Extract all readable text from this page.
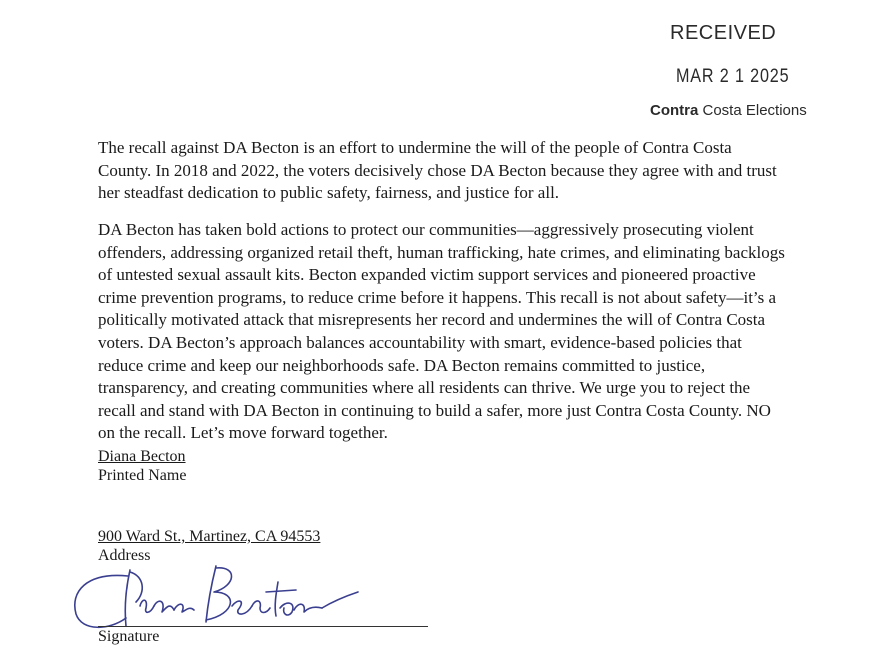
RECEIVED
MAR 2 1 2025
Contra Costa Elections
The recall against DA Becton is an effort to undermine the will of the people of Contra Costa County. In 2018 and 2022, the voters decisively chose DA Becton because they agree with and trust her steadfast dedication to public safety, fairness, and justice for all.
DA Becton has taken bold actions to protect our communities—aggressively prosecuting violent offenders, addressing organized retail theft, human trafficking, hate crimes, and eliminating backlogs of untested sexual assault kits. Becton expanded victim support services and pioneered proactive crime prevention programs, to reduce crime before it happens. This recall is not about safety—it’s a politically motivated attack that misrepresents her record and undermines the will of Contra Costa voters. DA Becton’s approach balances accountability with smart, evidence-based policies that reduce crime and keep our neighborhoods safe. DA Becton remains committed to justice, transparency, and creating communities where all residents can thrive. We urge you to reject the recall and stand with DA Becton in continuing to build a safer, more just Contra Costa County. NO on the recall. Let’s move forward together.
Diana Becton
Printed Name
900 Ward St., Martinez, CA 94553
Address
Signature
